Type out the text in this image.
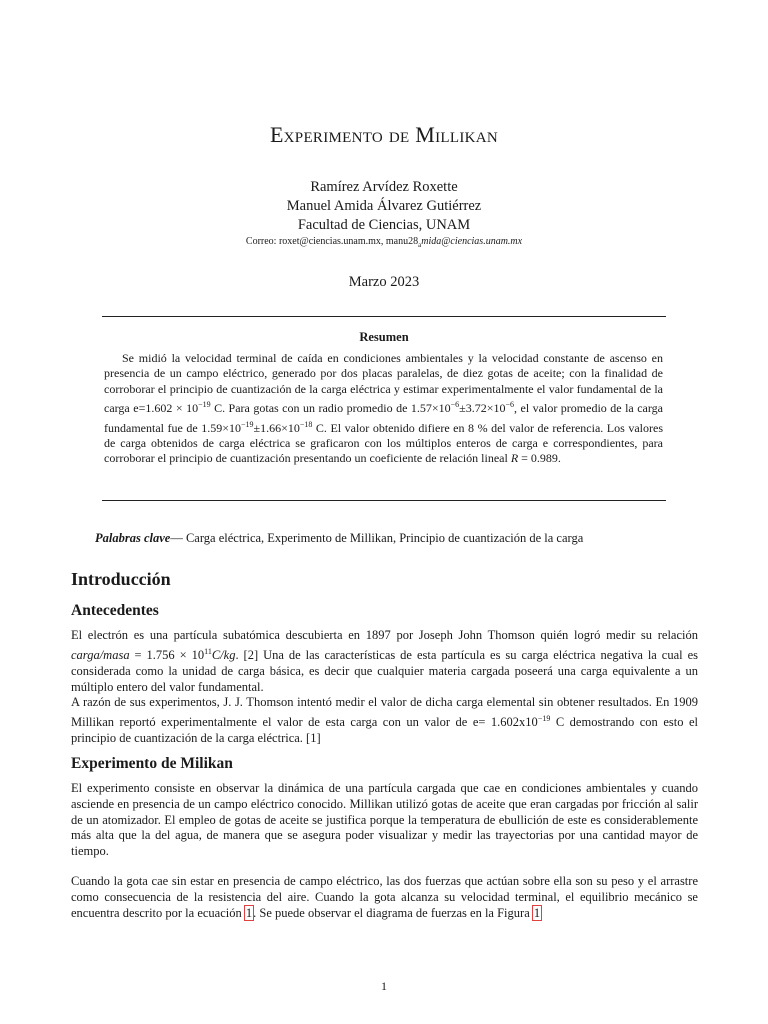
Experimento de Millikan
Ramírez Arvídez Roxette
Manuel Amida Álvarez Gutiérrez
Facultad de Ciencias, UNAM
Correo: roxet@ciencias.unam.mx, $manu28_amida@ciencias.unam.mx$
Marzo 2023
Resumen
Se midió la velocidad terminal de caída en condiciones ambientales y la velocidad constante de ascenso en presencia de un campo eléctrico, generado por dos placas paralelas, de diez gotas de aceite; con la finalidad de corroborar el principio de cuantización de la carga eléctrica y estimar experimentalmente el valor fundamental de la carga $e=1.602 \times 10^{-19}$ C. Para gotas con un radio promedio de $1.57\times 10^{-6}\pm 3.72\times 10^{-6}$, el valor promedio de la carga fundamental fue de $1.59\times 10^{-19}\pm 1.66\times 10^{-18}$ C. El valor obtenido difiere en 8 % del valor de referencia. Los valores de carga obtenidos de carga eléctrica se graficaron con los múltiplos enteros de carga e correspondientes, para corroborar el principio de cuantización presentando un coeficiente de relación lineal R = 0.989.
Palabras clave— Carga eléctrica, Experimento de Millikan, Principio de cuantización de la carga
Introducción
Antecedentes
El electrón es una partícula subatómica descubierta en 1897 por Joseph John Thomson quién logró medir su relación carga/masa = $1.756 \times 10^{11}C/kg$. [2] Una de las características de esta partícula es su carga eléctrica negativa la cual es considerada como la unidad de carga básica, es decir que cualquier materia cargada poseerá una carga equivalente a un múltiplo entero del valor fundamental.
A razón de sus experimentos, J. J. Thomson intentó medir el valor de dicha carga elemental sin obtener resultados. En 1909 Millikan reportó experimentalmente el valor de esta carga con un valor de $e= 1.602x10^{-19}$ C demostrando con esto el principio de cuantización de la carga eléctrica. [1]
Experimento de Milikan
El experimento consiste en observar la dinámica de una partícula cargada que cae en condiciones ambientales y cuando asciende en presencia de un campo eléctrico conocido. Millikan utilizó gotas de aceite que eran cargadas por fricción al salir de un atomizador. El empleo de gotas de aceite se justifica porque la temperatura de ebullición de este es considerablemente más alta que la del agua, de manera que se asegura poder visualizar y medir las trayectorias por una cantidad mayor de tiempo.
Cuando la gota cae sin estar en presencia de campo eléctrico, las dos fuerzas que actúan sobre ella son su peso y el arrastre como consecuencia de la resistencia del aire. Cuando la gota alcanza su velocidad terminal, el equilibrio mecánico se encuentra descrito por la ecuación 1. Se puede observar el diagrama de fuerzas en la Figura 1
1
